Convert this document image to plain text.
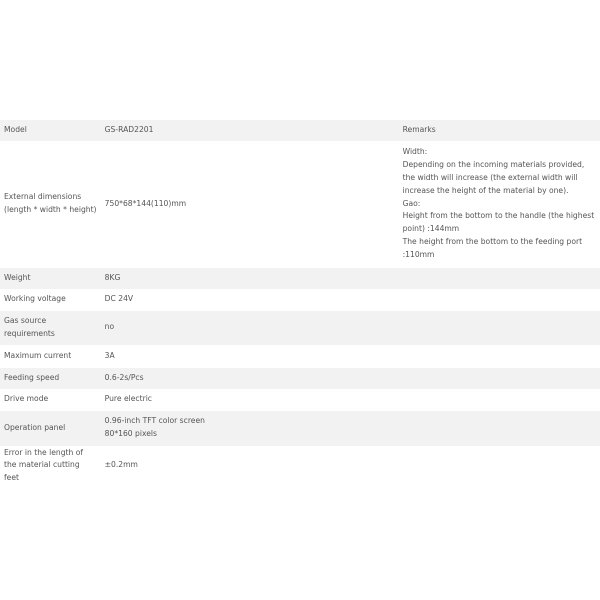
Model	GS-RAD2201	Remarks
External dimensions (length * width * height)	750*68*144(110)mm	Width:
Depending on the incoming materials provided, the width will increase (the external width will increase the height of the material by one).
Gao:
Height from the bottom to the handle (the highest point) :144mm
The height from the bottom to the feeding port :110mm

Weight	8KG	
Working voltage	DC 24V	
Gas source requirements	no	
Maximum current	3A	
Feeding speed	0.6-2s/Pcs	
Drive mode	Pure electric	
Operation panel	0.96-inch TFT color screen
80*160 pixels	

Error in the length of the material cutting feet	±0.2mm	
